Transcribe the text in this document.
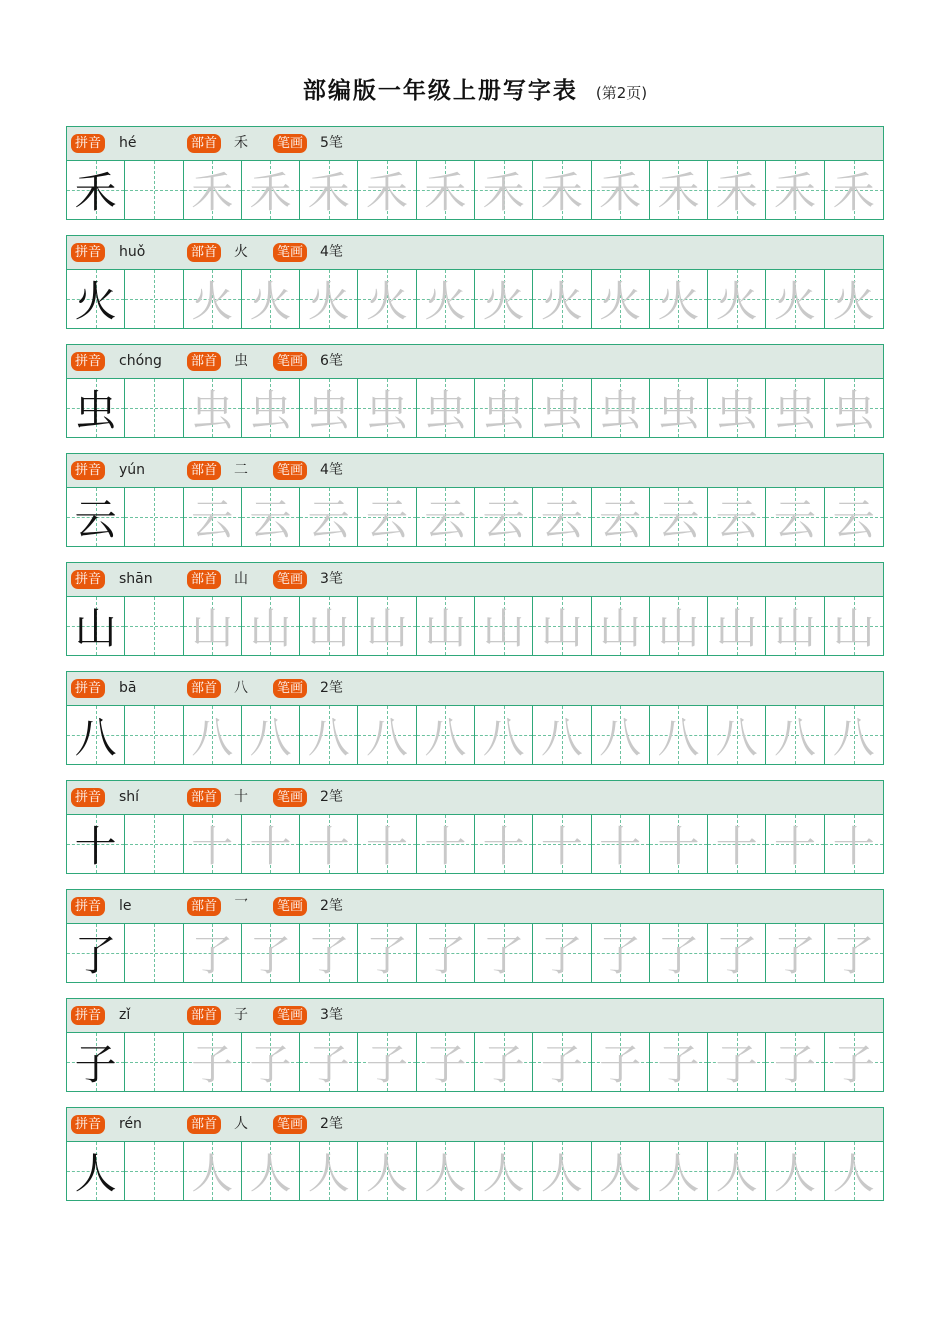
部编版一年级上册写字表 (第2页)
拼音 hé	部首 禾	笔画 5笔
禾 禾 禾 禾 禾 禾 禾 禾 禾 禾 禾 禾 禾
拼音 huǒ	部首 火	笔画 4笔
火 火 火 火 火 火 火 火 火 火 火 火 火
拼音 chóng	部首 虫	笔画 6笔
虫 虫 虫 虫 虫 虫 虫 虫 虫 虫 虫 虫 虫
拼音 yún	部首 二	笔画 4笔
云 云 云 云 云 云 云 云 云 云 云 云 云
拼音 shān	部首 山	笔画 3笔
山 山 山 山 山 山 山 山 山 山 山 山 山
拼音 bā	部首 八	笔画 2笔
八 八 八 八 八 八 八 八 八 八 八 八 八
拼音 shí	部首 十	笔画 2笔
十 十 十 十 十 十 十 十 十 十 十 十 十
拼音 le	部首 乛	笔画 2笔
了 了 了 了 了 了 了 了 了 了 了 了 了
拼音 zǐ	部首 子	笔画 3笔
子 子 子 子 子 子 子 子 子 子 子 子 子
拼音 rén	部首 人	笔画 2笔
人 人 人 人 人 人 人 人 人 人 人 人 人
